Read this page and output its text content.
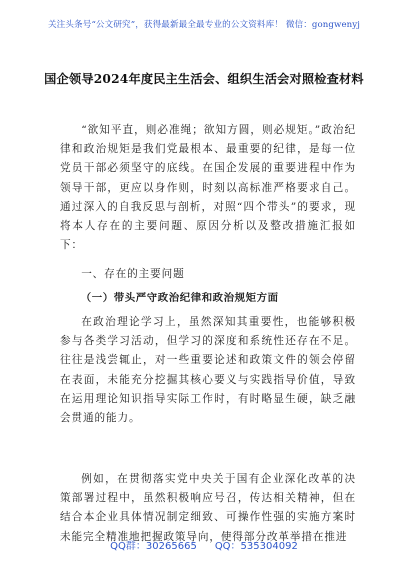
关注头条号“公文研究”，获得最新最全最专业的公文资料库！ 微信：gongwenyj
国企领导2024年度民主生活会、组织生活会对照检查材料

“欲知平直，则必准绳；欲知方圆，则必规矩。”政治纪律和政治规矩是我们党最根本、最重要的纪律，是每一位党员干部必须坚守的底线。在国企发展的重要进程中作为领导干部，更应以身作则，时刻以高标准严格要求自己。通过深入的自我反思与剖析，对照“四个带头”的要求，现将本人存在的主要问题、原因分析以及整改措施汇报如下：

一、存在的主要问题
（一）带头严守政治纪律和政治规矩方面

在政治理论学习上，虽然深知其重要性，也能够积极参与各类学习活动，但学习的深度和系统性还存在不足。往往是浅尝辄止，对一些重要论述和政策文件的领会停留在表面，未能充分挖掘其核心要义与实践指导价值，导致在运用理论知识指导实际工作时，有时略显生硬，缺乏融会贯通的能力。

例如，在贯彻落实党中央关于国有企业深化改革的决策部署过程中，虽然积极响应号召，传达相关精神，但在结合本企业具体情况制定细致、可操作性强的实施方案时未能完全精准地把握政策导向，使得部分改革举措在推进

QQ群：30265665 QQ：535304092
